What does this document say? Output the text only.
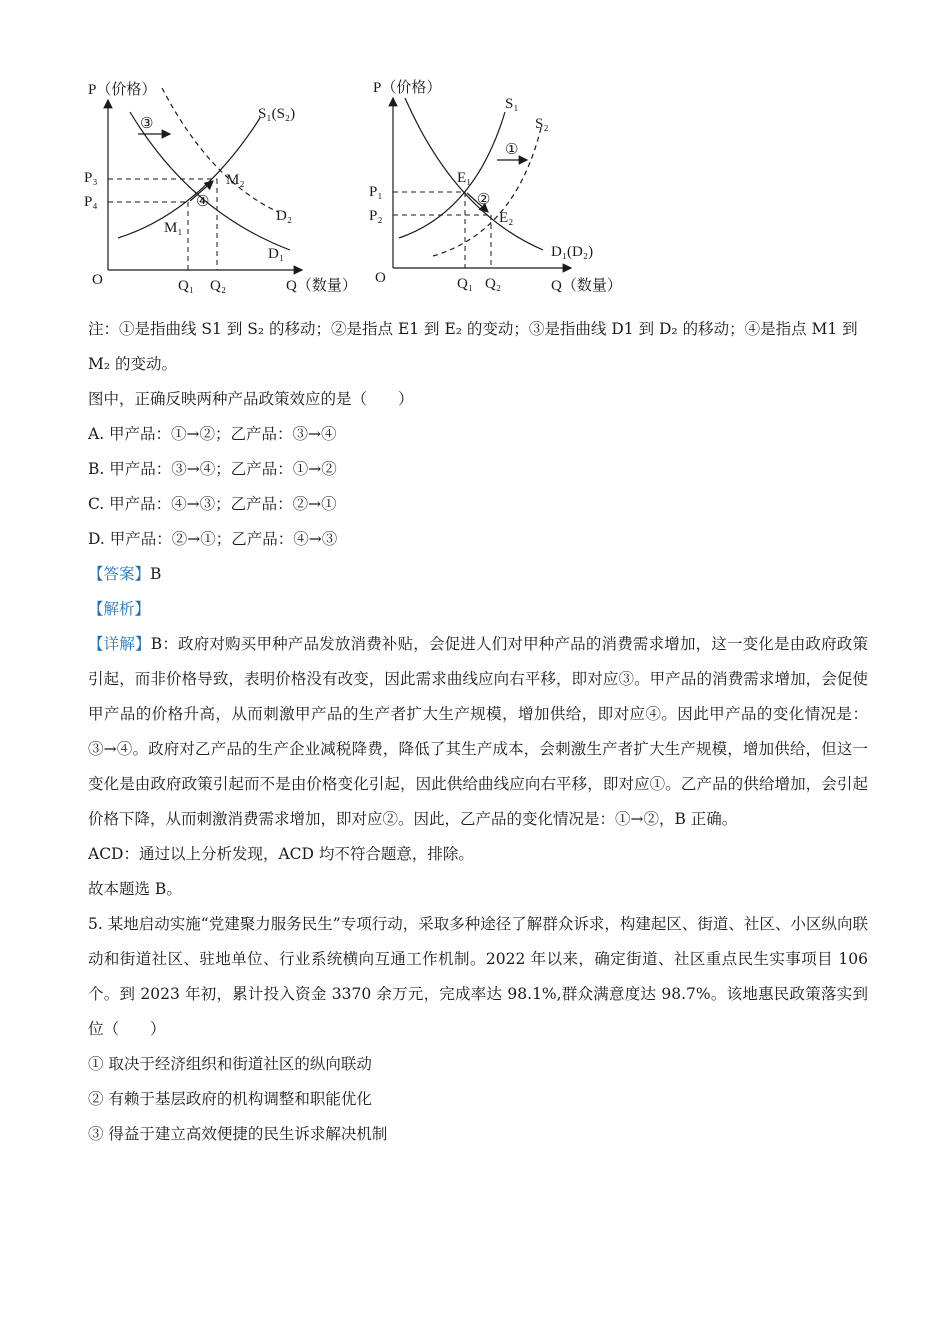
P（价格）
Q（数量）
O
③
④
S₁(S₂)
D₁
D₂
M₂
M₁
P₃
P₄
Q₁ Q₂
P（价格）
Q（数量）
O
①
②
S₁
S₂
D₁(D₂)
E₁
E₂
P₁
P₂
Q₁ Q₂
注：①是指曲线 S1 到 S₂ 的移动；②是指点 E1 到 E₂ 的变动；③是指曲线 D1 到 D₂ 的移动；④是指点 M1 到
M₂ 的变动。
图中，正确反映两种产品政策效应的是（　　）
A. 甲产品：①→②；乙产品：③→④
B. 甲产品：③→④；乙产品：①→②
C. 甲产品：④→③；乙产品：②→①
D. 甲产品：②→①；乙产品：④→③
【答案】B
【解析】
【详解】B：政府对购买甲种产品发放消费补贴，会促进人们对甲种产品的消费需求增加，这一变化是由政府政策引起，而非价格导致，表明价格没有改变，因此需求曲线应向右平移，即对应③。甲产品的消费需求增加，会促使甲产品的价格升高，从而刺激甲产品的生产者扩大生产规模，增加供给，即对应④。因此甲产品的变化情况是：③→④。政府对乙产品的生产企业减税降费，降低了其生产成本，会刺激生产者扩大生产规模，增加供给，但这一变化是由政府政策引起而不是由价格变化引起，因此供给曲线应向右平移，即对应①。乙产品的供给增加，会引起价格下降，从而刺激消费需求增加，即对应②。因此，乙产品的变化情况是：①→②，B 正确。
ACD：通过以上分析发现，ACD 均不符合题意，排除。
故本题选 B。
5. 某地启动实施“党建聚力服务民生”专项行动，采取多种途径了解群众诉求，构建起区、街道、社区、小区纵向联动和街道社区、驻地单位、行业系统横向互通工作机制。2022 年以来，确定街道、社区重点民生实事项目 106 个。到 2023 年初，累计投入资金 3370 余万元，完成率达 98.1%,群众满意度达 98.7%。该地惠民政策落实到位（　　）
① 取决于经济组织和街道社区的纵向联动
② 有赖于基层政府的机构调整和职能优化
③ 得益于建立高效便捷的民生诉求解决机制
